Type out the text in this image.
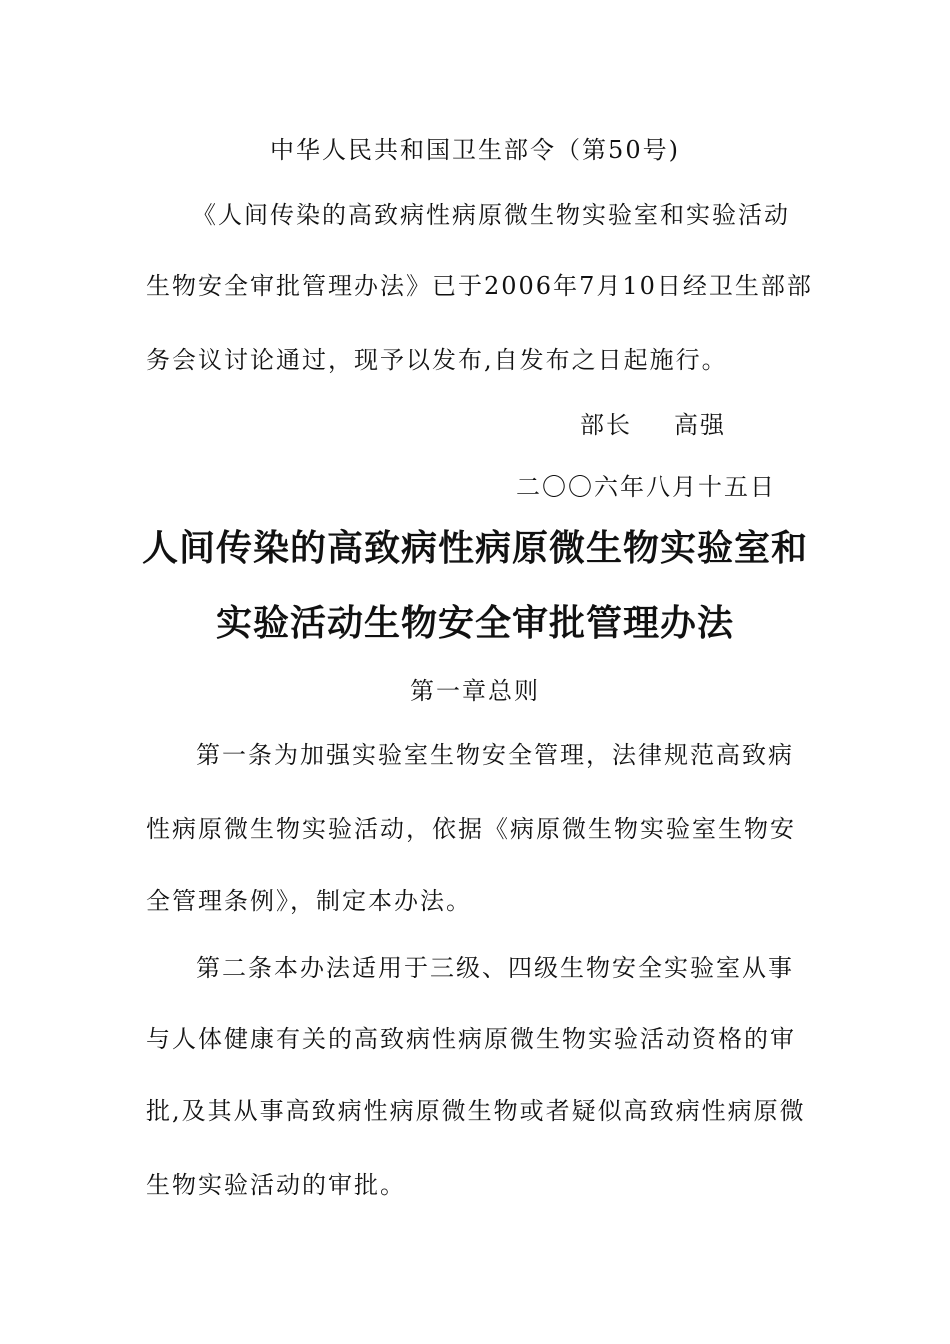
中华人民共和国卫生部令（第50号)
《人间传染的高致病性病原微生物实验室和实验活动
生物安全审批管理办法》已于2006年7月10日经卫生部部
务会议讨论通过，现予以发布,自发布之日起施行。
部长 高强
二〇〇六年八月十五日
人间传染的高致病性病原微生物实验室和
实验活动生物安全审批管理办法
第一章总则
第一条为加强实验室生物安全管理，法律规范高致病
性病原微生物实验活动，依据《病原微生物实验室生物安
全管理条例》，制定本办法。
第二条本办法适用于三级、四级生物安全实验室从事
与人体健康有关的高致病性病原微生物实验活动资格的审
批,及其从事高致病性病原微生物或者疑似高致病性病原微
生物实验活动的审批。
